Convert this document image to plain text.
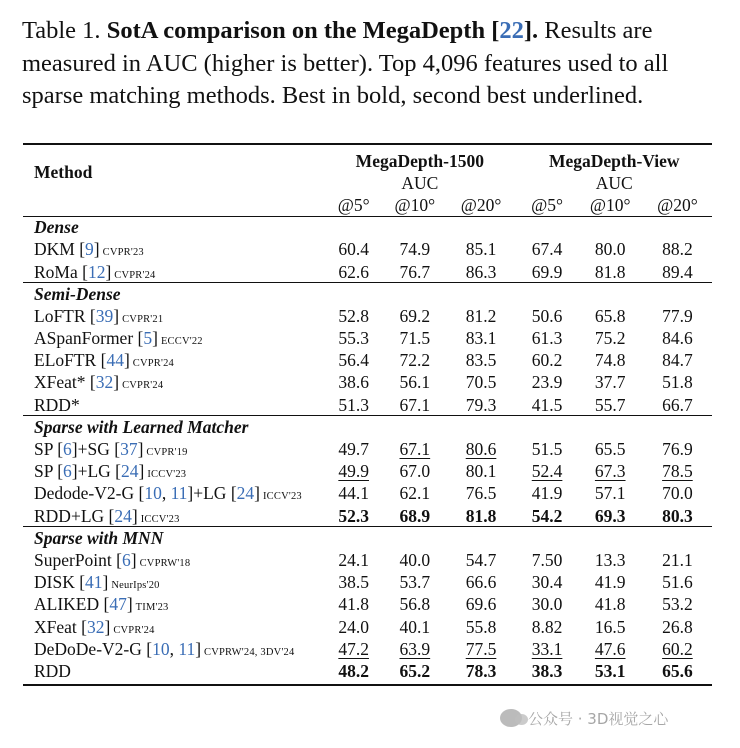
Table 1. SotA comparison on the MegaDepth [22]. Results are measured in AUC (higher is better). Top 4,096 features used to all sparse matching methods. Best in bold, second best underlined.
Method	MegaDepth-1500			MegaDepth-View		
	AUC			AUC		
	@5°	@10°	@20°	@5°	@10°	@20°
Dense						
DKM [9] CVPR'23	60.4	74.9	85.1	67.4	80.0	88.2
RoMa [12] CVPR'24	62.6	76.7	86.3	69.9	81.8	89.4
Semi-Dense						
LoFTR [39] CVPR'21	52.8	69.2	81.2	50.6	65.8	77.9
ASpanFormer [5] ECCV'22	55.3	71.5	83.1	61.3	75.2	84.6
ELoFTR [44] CVPR'24	56.4	72.2	83.5	60.2	74.8	84.7
XFeat* [32] CVPR'24	38.6	56.1	70.5	23.9	37.7	51.8
RDD*	51.3	67.1	79.3	41.5	55.7	66.7
Sparse with Learned Matcher						
SP [6]+SG [37] CVPR'19	49.7	67.1	80.6	51.5	65.5	76.9
SP [6]+LG [24] ICCV'23	49.9	67.0	80.1	52.4	67.3	78.5
Dedode-V2-G [10, 11]+LG [24] ICCV'23	44.1	62.1	76.5	41.9	57.1	70.0
RDD+LG [24] ICCV'23	52.3	68.9	81.8	54.2	69.3	80.3
Sparse with MNN						
SuperPoint [6] CVPRW'18	24.1	40.0	54.7	7.50	13.3	21.1
DISK [41] NeurIps'20	38.5	53.7	66.6	30.4	41.9	51.6
ALIKED [47] TIM'23	41.8	56.8	69.6	30.0	41.8	53.2
XFeat [32] CVPR'24	24.0	40.1	55.8	8.82	16.5	26.8
DeDoDe-V2-G [10, 11] CVPRW'24, 3DV'24	47.2	63.9	77.5	33.1	47.6	60.2
RDD	48.2	65.2	78.3	38.3	53.1	65.6
公众号 · 3D视觉之心
